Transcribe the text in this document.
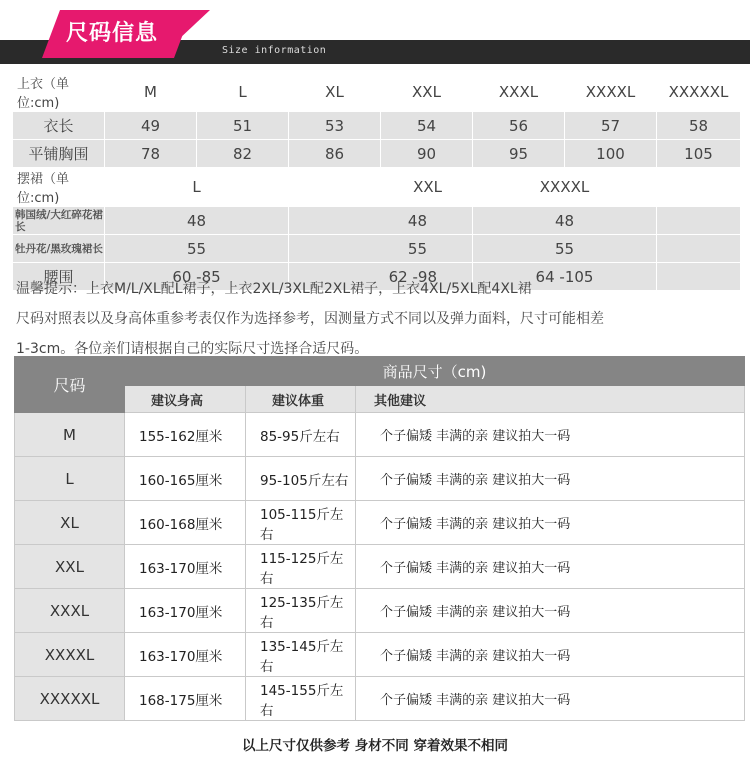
尺码信息
Size information
上衣（单位:cm)	M	L	XL	XXL	XXXL	XXXXL	XXXXXL
衣长	49	51	53	54	56	57	58
平铺胸围	78	82	86	90	95	100	105
摆裙（单位:cm)	L		XXL		XXXXL		
韩国绒/大红碎花裙长	48		48		48		
牡丹花/黑玫瑰裙长	55		55		55		
腰围	60 -85		62 -98		64 -105		
温馨提示：上衣M/L/XL配L裙子，上衣2XL/3XL配2XL裙子，上衣4XL/5XL配4XL裙
尺码对照表以及身高体重参考表仅作为选择参考，因测量方式不同以及弹力面料，尺寸可能相差
1-3cm。各位亲们请根据自己的实际尺寸选择合适尺码。
尺码	商品尺寸（cm)		
	建议身高	建议体重	其他建议
M	155-162厘米	85-95斤左右	个子偏矮 丰满的亲 建议拍大一码
L	160-165厘米	95-105斤左右	个子偏矮 丰满的亲 建议拍大一码
XL	160-168厘米	105-115斤左右	个子偏矮 丰满的亲 建议拍大一码
XXL	163-170厘米	115-125斤左右	个子偏矮 丰满的亲 建议拍大一码
XXXL	163-170厘米	125-135斤左右	个子偏矮 丰满的亲 建议拍大一码
XXXXL	163-170厘米	135-145斤左右	个子偏矮 丰满的亲 建议拍大一码
XXXXXL	168-175厘米	145-155斤左右	个子偏矮 丰满的亲 建议拍大一码
以上尺寸仅供参考 身材不同 穿着效果不相同
